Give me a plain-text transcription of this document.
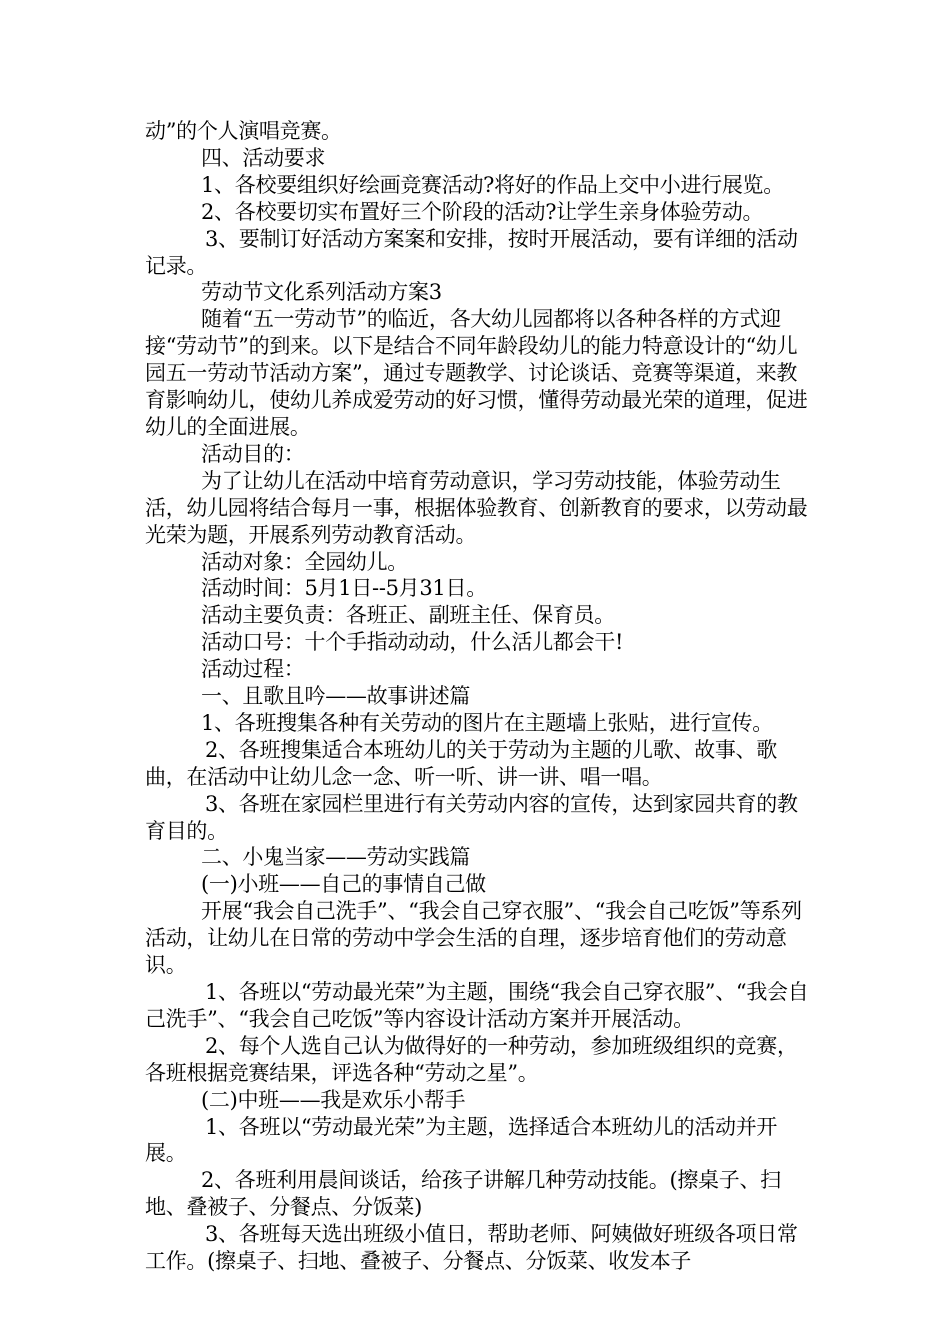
动”的个人演唱竞赛。

四、活动要求

1、各校要组织好绘画竞赛活动?将好的作品上交中小进行展览。

2、各校要切实布置好三个阶段的活动?让学生亲身体验劳动。

3、要制订好活动方案案和安排，按时开展活动，要有详细的活动记录。

劳动节文化系列活动方案3

随着“五一劳动节”的临近，各大幼儿园都将以各种各样的方式迎接“劳动节”的到来。以下是结合不同年龄段幼儿的能力特意设计的“幼儿园五一劳动节活动方案”，通过专题教学、讨论谈话、竞赛等渠道，来教育影响幼儿，使幼儿养成爱劳动的好习惯，懂得劳动最光荣的道理，促进幼儿的全面进展。

活动目的：

为了让幼儿在活动中培育劳动意识，学习劳动技能，体验劳动生活，幼儿园将结合每月一事，根据体验教育、创新教育的要求，以劳动最光荣为题，开展系列劳动教育活动。

活动对象：全园幼儿。

活动时间：5月1日--5月31日。

活动主要负责：各班正、副班主任、保育员。

活动口号：十个手指动动动，什么活儿都会干!

活动过程：

一、且歌且吟——故事讲述篇

1、各班搜集各种有关劳动的图片在主题墙上张贴，进行宣传。

2、各班搜集适合本班幼儿的关于劳动为主题的儿歌、故事、歌曲，在活动中让幼儿念一念、听一听、讲一讲、唱一唱。

3、各班在家园栏里进行有关劳动内容的宣传，达到家园共育的教育目的。

二、小鬼当家——劳动实践篇

(一)小班——自己的事情自己做

开展“我会自己洗手”、“我会自己穿衣服”、“我会自己吃饭”等系列活动，让幼儿在日常的劳动中学会生活的自理，逐步培育他们的劳动意识。

1、各班以“劳动最光荣”为主题，围绕“我会自己穿衣服”、“我会自己洗手”、“我会自己吃饭”等内容设计活动方案并开展活动。

2、每个人选自己认为做得好的一种劳动，参加班级组织的竞赛，各班根据竞赛结果，评选各种“劳动之星”。

(二)中班——我是欢乐小帮手

1、各班以“劳动最光荣”为主题，选择适合本班幼儿的活动并开展。

2、各班利用晨间谈话，给孩子讲解几种劳动技能。(擦桌子、扫地、叠被子、分餐点、分饭菜)

3、各班每天选出班级小值日，帮助老师、阿姨做好班级各项日常工作。(擦桌子、扫地、叠被子、分餐点、分饭菜、收发本子
